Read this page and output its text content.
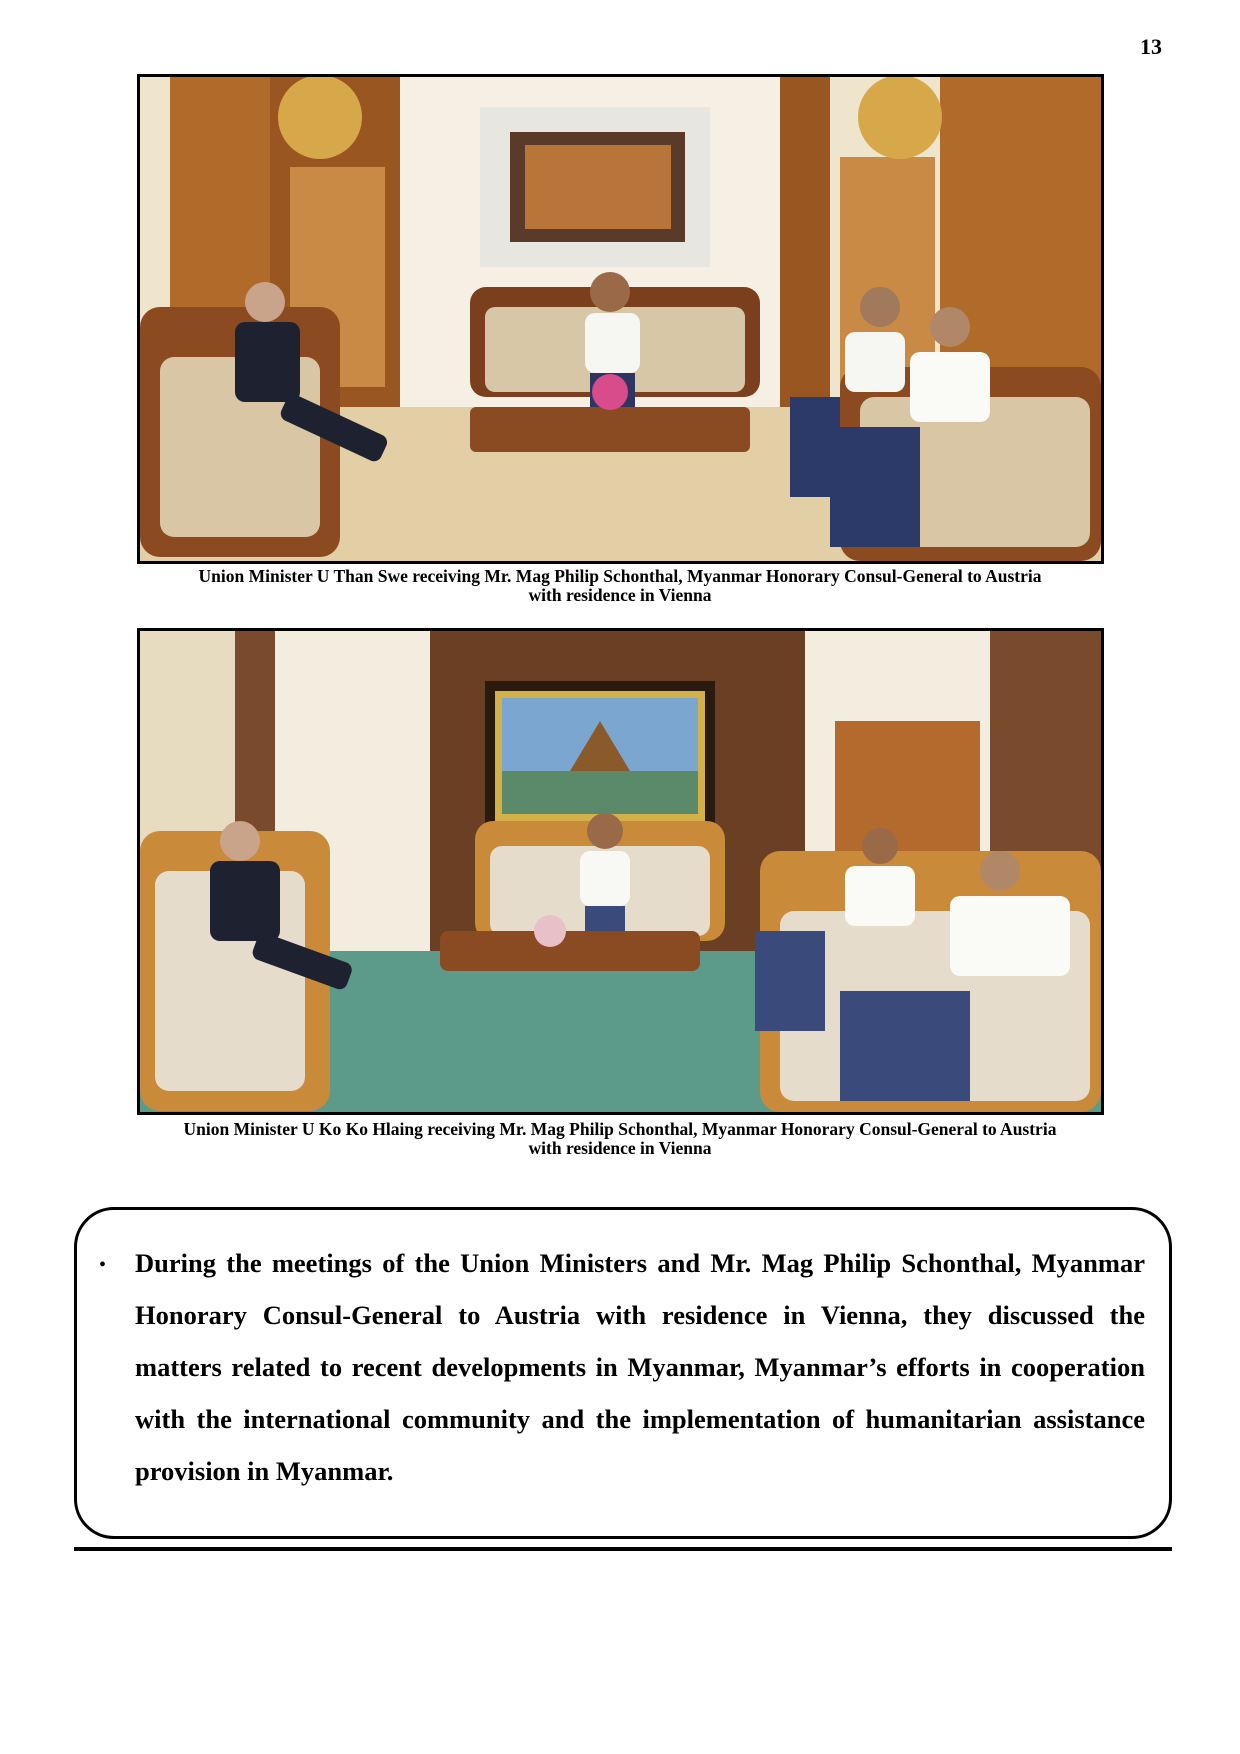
13
Union Minister U Than Swe receiving Mr. Mag Philip Schonthal, Myanmar Honorary Consul-General to Austria
with residence in Vienna
Union Minister U Ko Ko Hlaing receiving Mr. Mag Philip Schonthal, Myanmar Honorary Consul-General to Austria
with residence in Vienna
• During the meetings of the Union Ministers and Mr. Mag Philip Schonthal, Myanmar Honorary Consul-General to Austria with residence in Vienna, they discussed the matters related to recent developments in Myanmar, Myanmar’s efforts in cooperation with the international community and the implementation of humanitarian assistance provision in Myanmar.
